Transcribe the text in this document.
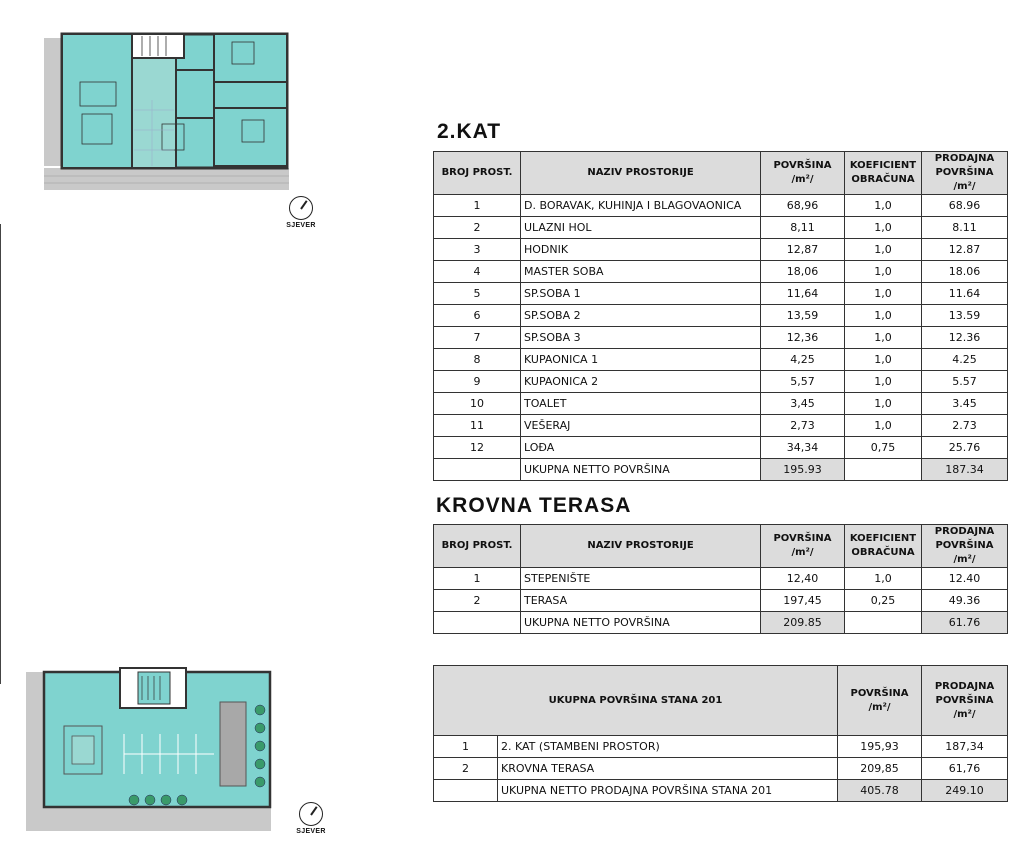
SJEVER
SJEVER
2.KAT
BROJ PROST.	NAZIV PROSTORIJE	POVRŠINA /m²/	KOEFICIENT OBRAČUNA	PRODAJNA POVRŠINA /m²/
1	D. BORAVAK, KUHINJA I BLAGOVAONICA	68,96	1,0	68.96
2	ULAZNI HOL	8,11	1,0	8.11
3	HODNIK	12,87	1,0	12.87
4	MASTER SOBA	18,06	1,0	18.06
5	SP.SOBA 1	11,64	1,0	11.64
6	SP.SOBA 2	13,59	1,0	13.59
7	SP.SOBA 3	12,36	1,0	12.36
8	KUPAONICA 1	4,25	1,0	4.25
9	KUPAONICA 2	5,57	1,0	5.57
10	TOALET	3,45	1,0	3.45
11	VEŠERAJ	2,73	1,0	2.73
12	LOĐA	34,34	0,75	25.76
	UKUPNA NETTO POVRŠINA	195.93		187.34
KROVNA TERASA
BROJ PROST.	NAZIV PROSTORIJE	POVRŠINA /m²/	KOEFICIENT OBRAČUNA	PRODAJNA POVRŠINA /m²/
1	STEPENIŠTE	12,40	1,0	12.40
2	TERASA	197,45	0,25	49.36
	UKUPNA NETTO POVRŠINA	209.85		61.76
UKUPNA POVRŠINA STANA 201		POVRŠINA /m²/	PRODAJNA POVRŠINA /m²/
1	2. KAT (STAMBENI PROSTOR)	195,93	187,34
2	KROVNA TERASA	209,85	61,76
	UKUPNA NETTO PRODAJNA POVRŠINA STANA 201	405.78	249.10
